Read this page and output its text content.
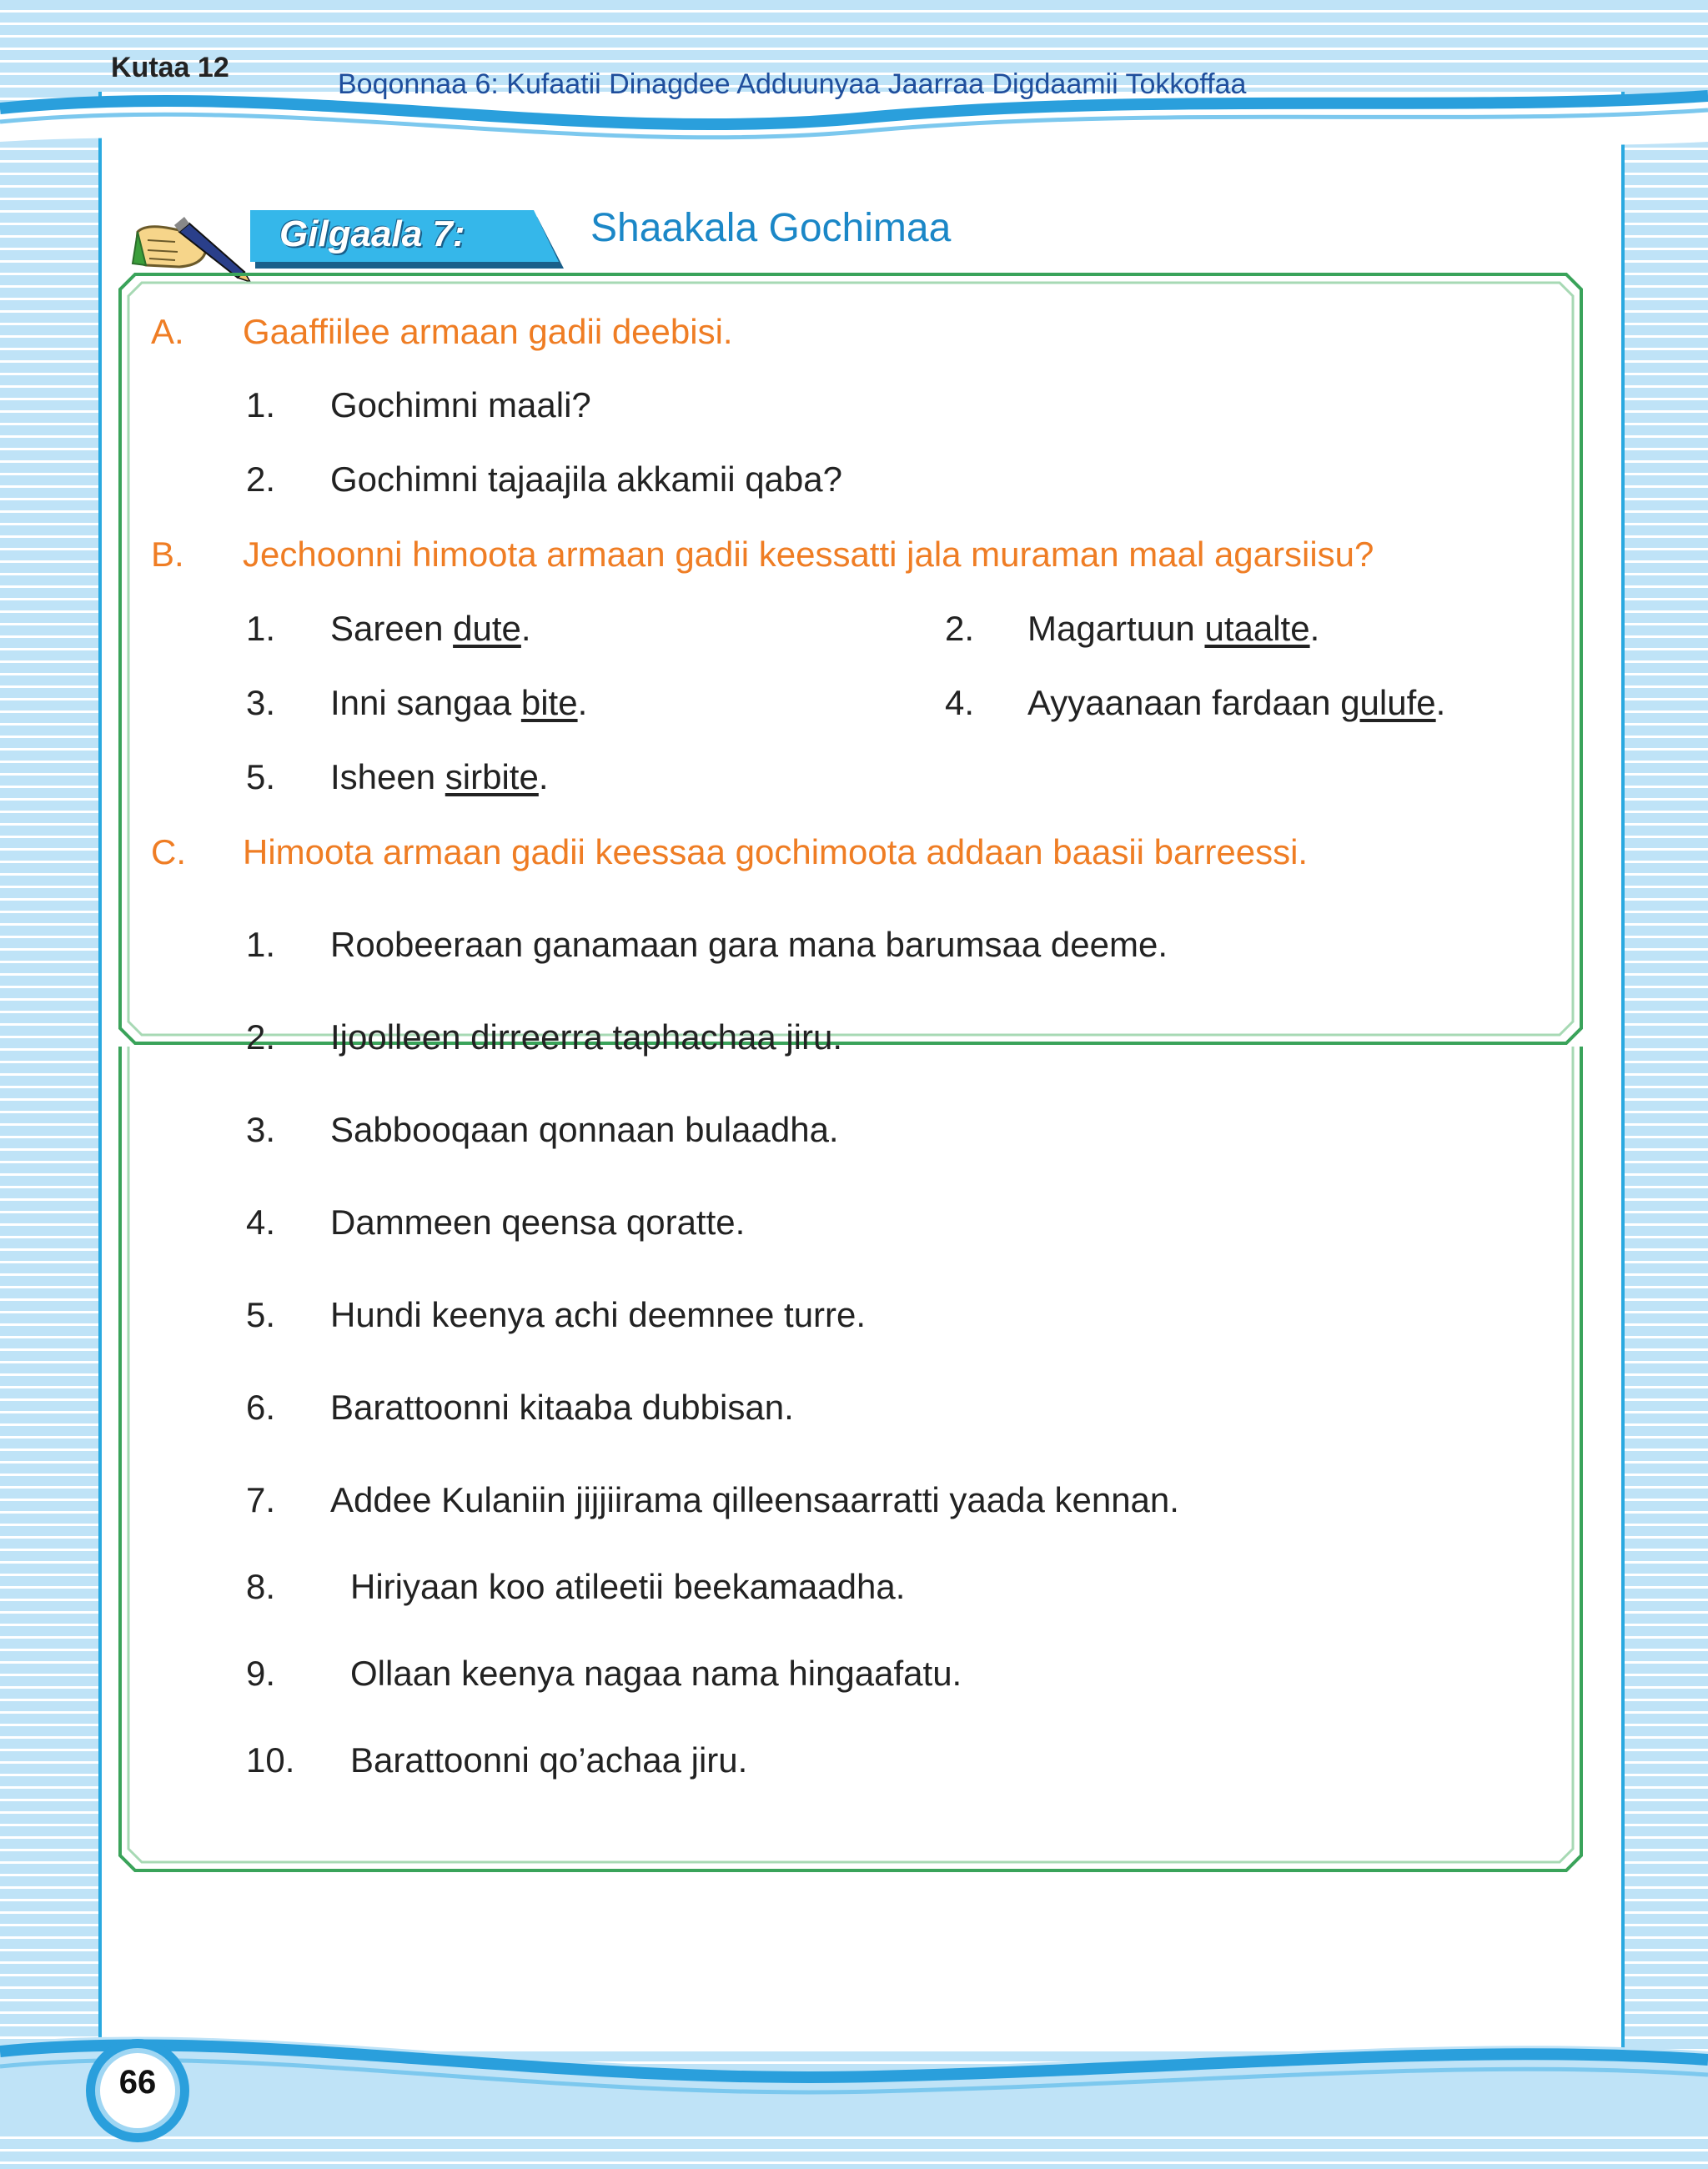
Kutaa 12
Boqonnaa 6: Kufaatii Dinagdee Adduunyaa Jaarraa Digdaamii Tokkoffaa
Gilgaala 7:	Shaakala Gochimaa
A. Gaaffiilee armaan gadii deebisi.
1. Gochimni maali?
2. Gochimni tajaajila akkamii qaba?
B. Jechoonni himoota armaan gadii keessatti jala muraman maal agarsiisu?
1. Sareen dute.	2. Magartuun utaalte.
3. Inni sangaa bite.	4. Ayyaanaan fardaan gulufe.
5. Isheen sirbite.
C. Himoota armaan gadii keessaa gochimoota addaan baasii barreessi.
1. Roobeeraan ganamaan gara mana barumsaa deeme.
2. Ijoolleen dirreerra taphachaa jiru.
3. Sabbooqaan qonnaan bulaadha.
4. Dammeen qeensa qoratte.
5. Hundi keenya achi deemnee turre.
6. Barattoonni kitaaba dubbisan.
7. Addee Kulaniin jijjiirama qilleensaarratti yaada kennan.
8. Hiriyaan koo atileetii beekamaadha.
9. Ollaan keenya nagaa nama hingaafatu.
10. Barattoonni qo’achaa jiru.
66
